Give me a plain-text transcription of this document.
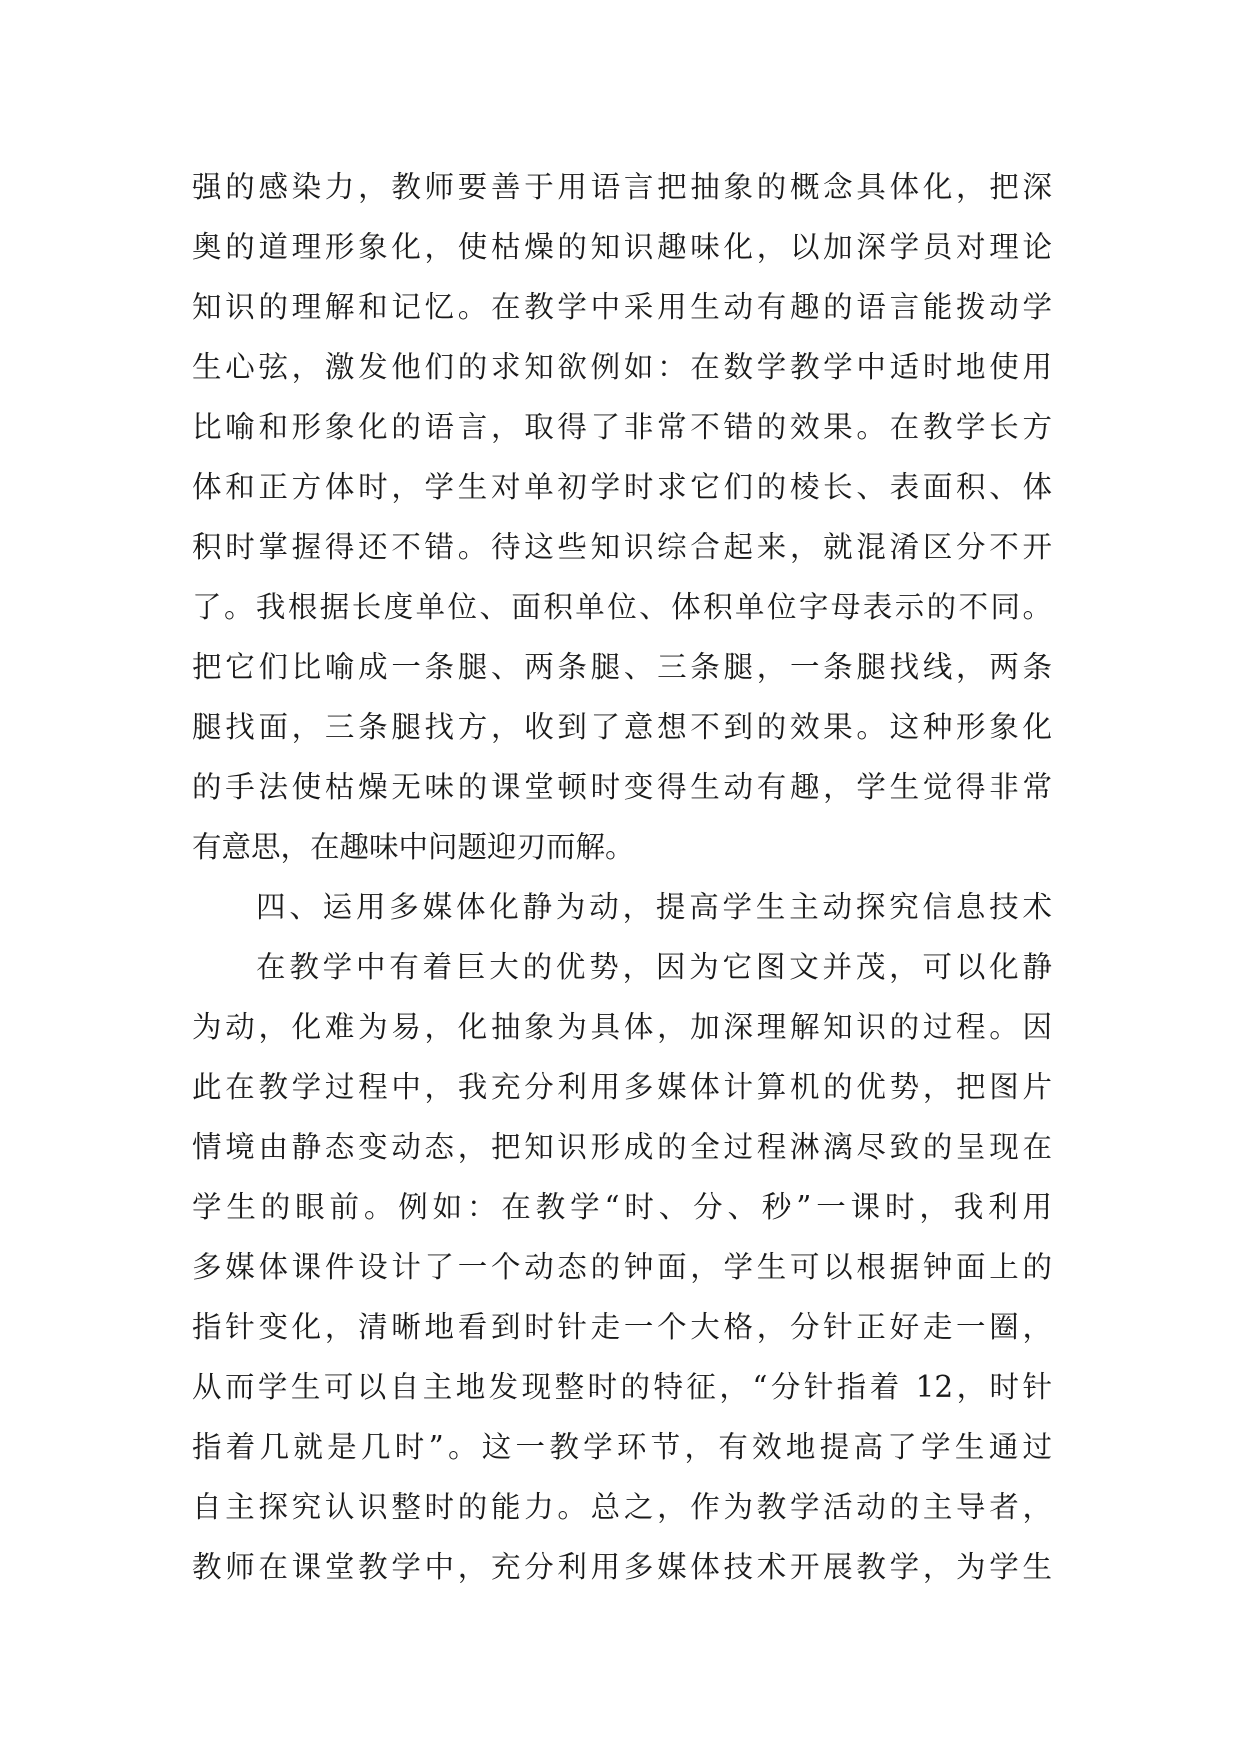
强的感染力，教师要善于用语言把抽象的概念具体化，把深
奥的道理形象化，使枯燥的知识趣味化，以加深学员对理论
知识的理解和记忆。在教学中采用生动有趣的语言能拨动学
生心弦，激发他们的求知欲例如：在数学教学中适时地使用
比喻和形象化的语言，取得了非常不错的效果。在教学长方
体和正方体时，学生对单初学时求它们的棱长、表面积、体
积时掌握得还不错。待这些知识综合起来，就混淆区分不开
了。我根据长度单位、面积单位、体积单位字母表示的不同。
把它们比喻成一条腿、两条腿、三条腿，一条腿找线，两条
腿找面，三条腿找方，收到了意想不到的效果。这种形象化
的手法使枯燥无味的课堂顿时变得生动有趣，学生觉得非常
有意思，在趣味中问题迎刃而解。
四、运用多媒体化静为动，提高学生主动探究信息技术
在教学中有着巨大的优势，因为它图文并茂，可以化静
为动，化难为易，化抽象为具体，加深理解知识的过程。因
此在教学过程中，我充分利用多媒体计算机的优势，把图片
情境由静态变动态，把知识形成的全过程淋漓尽致的呈现在
学生的眼前。例如：在教学“时、分、秒”一课时，我利用
多媒体课件设计了一个动态的钟面，学生可以根据钟面上的
指针变化，清晰地看到时针走一个大格，分针正好走一圈，
从而学生可以自主地发现整时的特征，“分针指着 12，时针
指着几就是几时”。这一教学环节，有效地提高了学生通过
自主探究认识整时的能力。总之，作为教学活动的主导者，
教师在课堂教学中，充分利用多媒体技术开展教学，为学生
